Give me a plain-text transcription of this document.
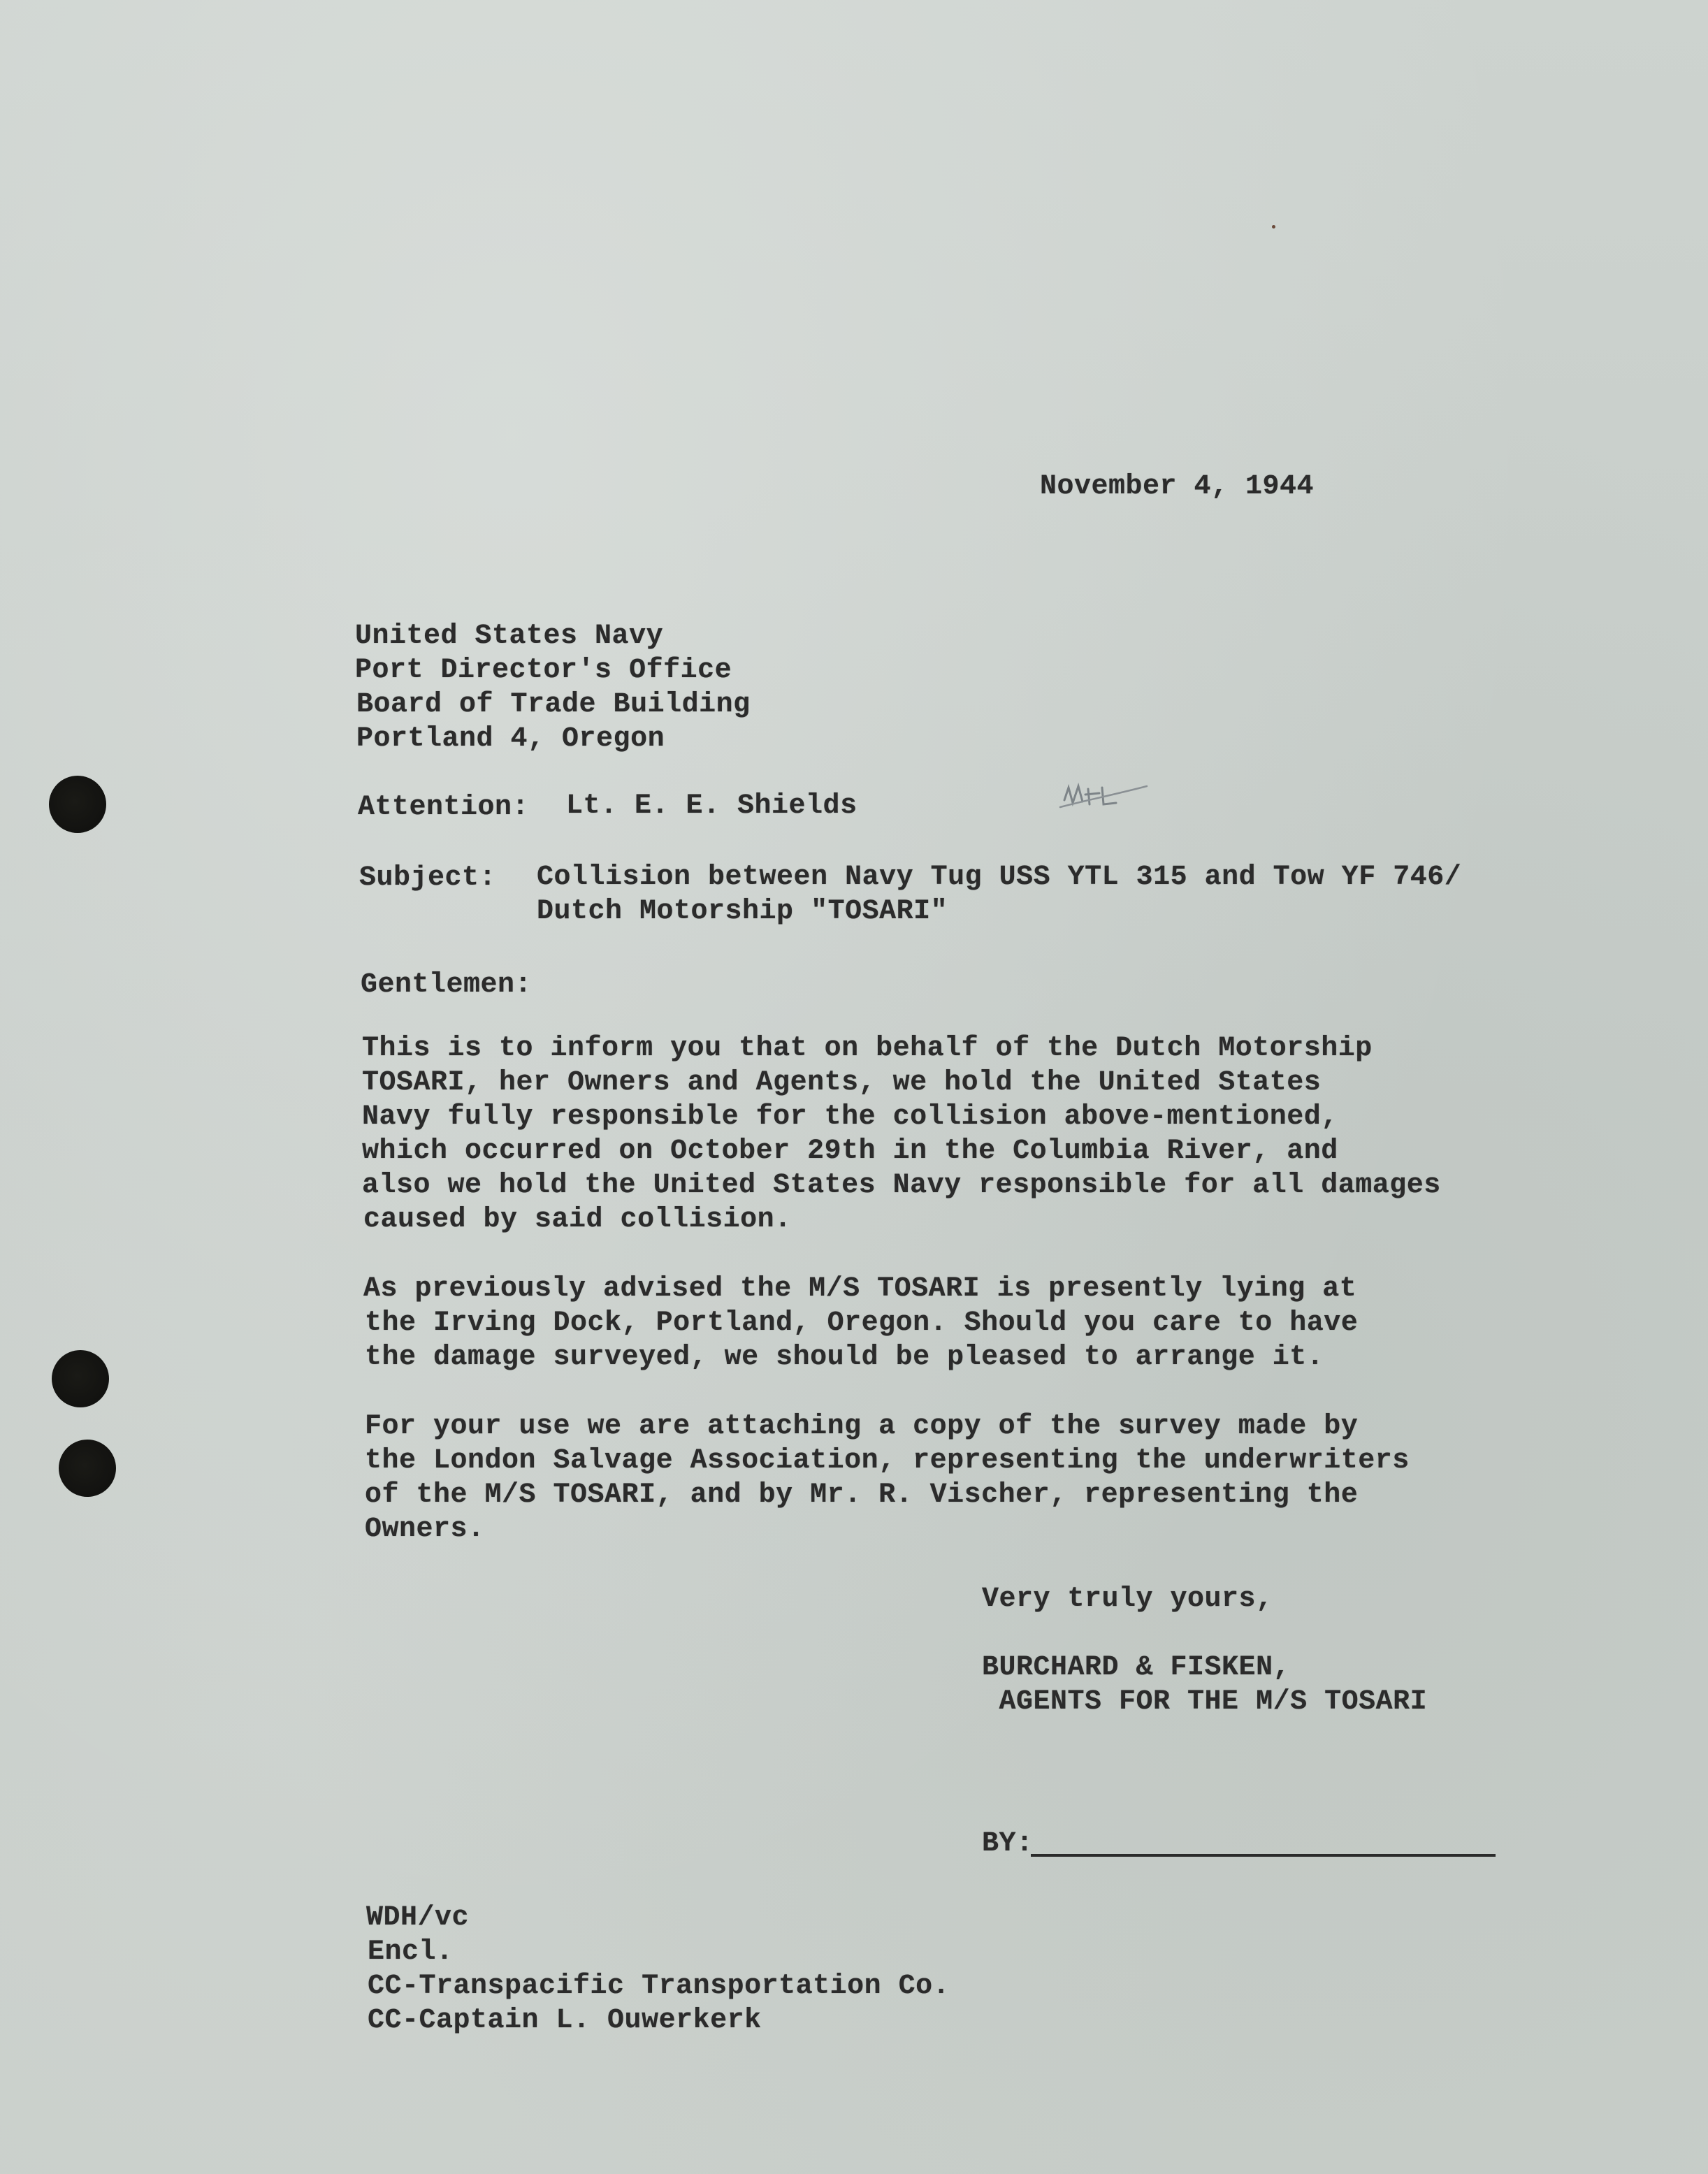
November 4, 1944
United States Navy
Port Director's Office
Board of Trade Building
Portland 4, Oregon
Attention: Lt. E. E. Shields
Subject: Collision between Navy Tug USS YTL 315 and Tow YF 746/
Dutch Motorship "TOSARI"
Gentlemen:
This is to inform you that on behalf of the Dutch Motorship
TOSARI, her Owners and Agents, we hold the United States
Navy fully responsible for the collision above-mentioned,
which occurred on October 29th in the Columbia River, and
also we hold the United States Navy responsible for all damages
caused by said collision.
As previously advised the M/S TOSARI is presently lying at
the Irving Dock, Portland, Oregon. Should you care to have
the damage surveyed, we should be pleased to arrange it.
For your use we are attaching a copy of the survey made by
the London Salvage Association, representing the underwriters
of the M/S TOSARI, and by Mr. R. Vischer, representing the
Owners.
Very truly yours,
BURCHARD & FISKEN,
AGENTS FOR THE M/S TOSARI
BY:
WDH/vc
Encl.
CC-Transpacific Transportation Co.
CC-Captain L. Ouwerkerk
